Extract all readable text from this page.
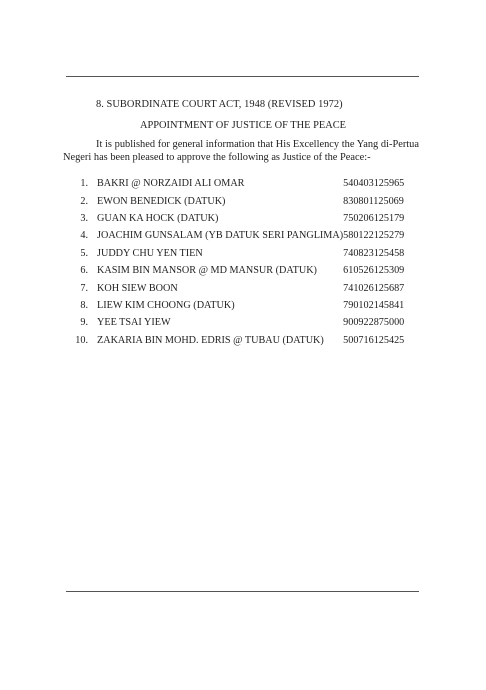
8. SUBORDINATE COURT ACT, 1948 (REVISED 1972)
APPOINTMENT OF JUSTICE OF THE PEACE
It is published for general information that His Excellency the Yang di-Pertua Negeri has been pleased to approve the following as Justice of the Peace:-
1.	BAKRI @ NORZAIDI ALI OMAR	540403125965
2.	EWON BENEDICK (DATUK)	830801125069
3.	GUAN KA HOCK (DATUK)	750206125179
4.	JOACHIM GUNSALAM (YB DATUK SERI PANGLIMA)	580122125279
5.	JUDDY CHU YEN TIEN	740823125458
6.	KASIM BIN MANSOR @ MD MANSUR (DATUK)	610526125309
7.	KOH SIEW BOON	741026125687
8.	LIEW KIM CHOONG (DATUK)	790102145841
9.	YEE TSAI YIEW	900922875000
10.	ZAKARIA BIN MOHD. EDRIS @ TUBAU (DATUK)	500716125425
